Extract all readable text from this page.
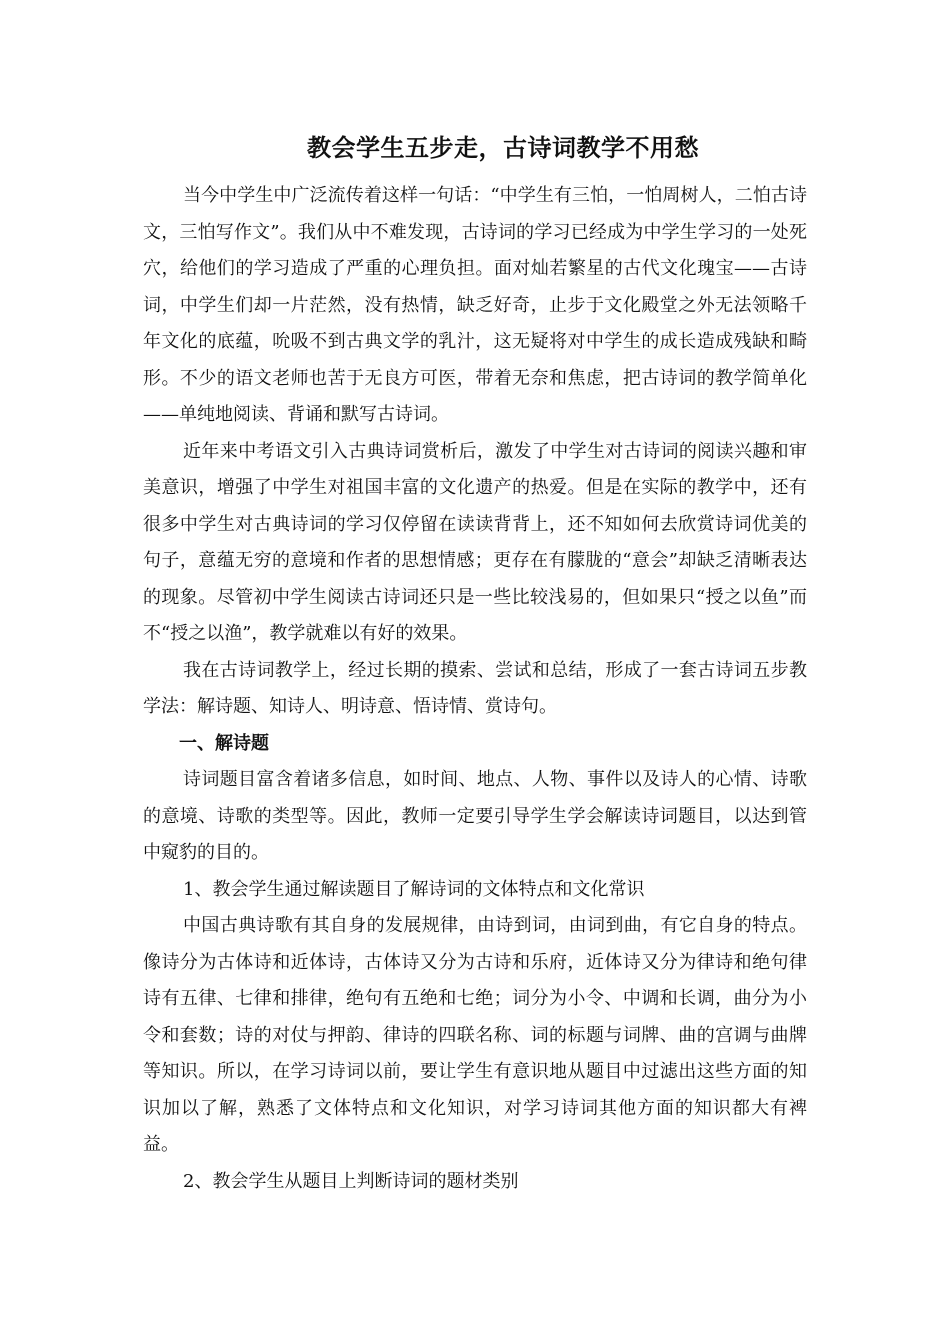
教会学生五步走，古诗词教学不用愁

当今中学生中广泛流传着这样一句话：“中学生有三怕，一怕周树人，二怕古诗文，三怕写作文”。我们从中不难发现，古诗词的学习已经成为中学生学习的一处死穴，给他们的学习造成了严重的心理负担。面对灿若繁星的古代文化瑰宝——古诗词，中学生们却一片茫然，没有热情，缺乏好奇，止步于文化殿堂之外无法领略千年文化的底蕴，吮吸不到古典文学的乳汁，这无疑将对中学生的成长造成残缺和畸形。不少的语文老师也苦于无良方可医，带着无奈和焦虑，把古诗词的教学简单化——单纯地阅读、背诵和默写古诗词。

近年来中考语文引入古典诗词赏析后，激发了中学生对古诗词的阅读兴趣和审美意识，增强了中学生对祖国丰富的文化遗产的热爱。但是在实际的教学中，还有很多中学生对古典诗词的学习仅停留在读读背背上，还不知如何去欣赏诗词优美的句子，意蕴无穷的意境和作者的思想情感；更存在有朦胧的“意会”却缺乏清晰表达的现象。尽管初中学生阅读古诗词还只是一些比较浅易的，但如果只“授之以鱼”而不“授之以渔”，教学就难以有好的效果。

我在古诗词教学上，经过长期的摸索、尝试和总结，形成了一套古诗词五步教学法：解诗题、知诗人、明诗意、悟诗情、赏诗句。

一、解诗题

诗词题目富含着诸多信息，如时间、地点、人物、事件以及诗人的心情、诗歌的意境、诗歌的类型等。因此，教师一定要引导学生学会解读诗词题目，以达到管中窥豹的目的。

1、教会学生通过解读题目了解诗词的文体特点和文化常识

中国古典诗歌有其自身的发展规律，由诗到词，由词到曲，有它自身的特点。像诗分为古体诗和近体诗，古体诗又分为古诗和乐府，近体诗又分为律诗和绝句律诗有五律、七律和排律，绝句有五绝和七绝；词分为小令、中调和长调，曲分为小令和套数；诗的对仗与押韵、律诗的四联名称、词的标题与词牌、曲的宫调与曲牌等知识。所以，在学习诗词以前，要让学生有意识地从题目中过滤出这些方面的知识加以了解，熟悉了文体特点和文化知识，对学习诗词其他方面的知识都大有裨益。

2、教会学生从题目上判断诗词的题材类别
